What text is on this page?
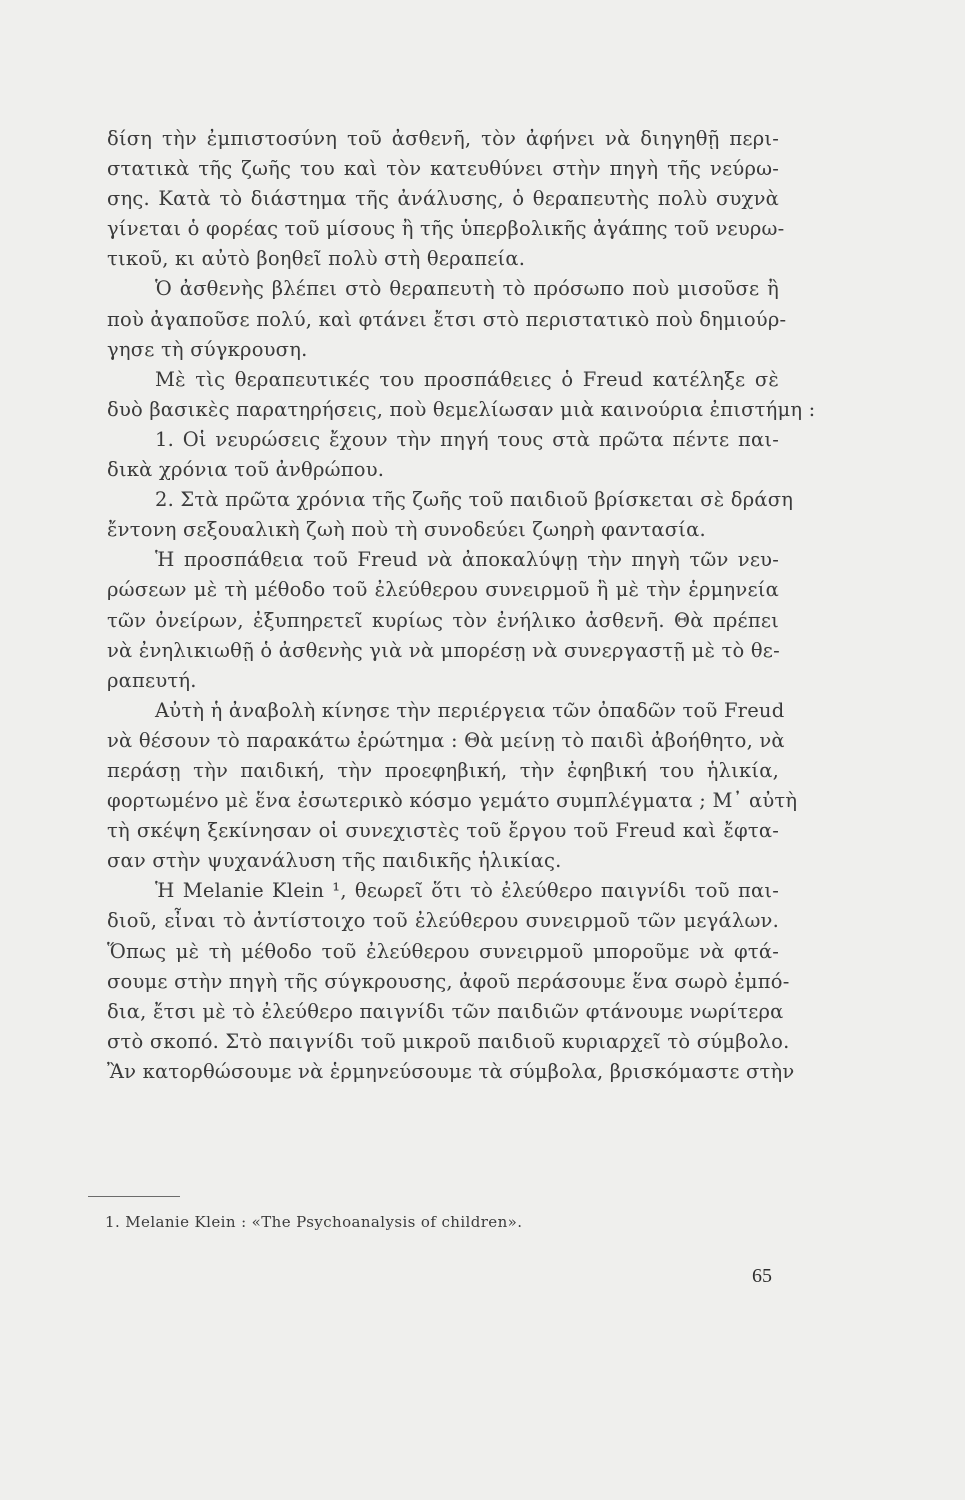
δίση τὴν ἐμπιστοσύνη τοῦ ἀσθενῆ, τὸν ἀφήνει νὰ διηγηθῇ περι-
στατικὰ τῆς ζωῆς του καὶ τὸν κατευθύνει στὴν πηγὴ τῆς νεύρω-
σης. Κατὰ τὸ διάστημα τῆς ἀνάλυσης, ὁ θεραπευτὴς πολὺ συχνὰ
γίνεται ὁ φορέας τοῦ μίσους ἢ τῆς ὑπερβολικῆς ἀγάπης τοῦ νευρω-
τικοῦ, κι αὐτὸ βοηθεῖ πολὺ στὴ θεραπεία.
Ὁ ἀσθενὴς βλέπει στὸ θεραπευτὴ τὸ πρόσωπο ποὺ μισοῦσε ἢ
ποὺ ἀγαποῦσε πολύ, καὶ φτάνει ἔτσι στὸ περιστατικὸ ποὺ δημιούρ-
γησε τὴ σύγκρουση.
Μὲ τὶς θεραπευτικές του προσπάθειες ὁ Freud κατέληξε σὲ
δυὸ βασικὲς παρατηρήσεις, ποὺ θεμελίωσαν μιὰ καινούρια ἐπιστήμη :
1. Οἱ νευρώσεις ἔχουν τὴν πηγή τους στὰ πρῶτα πέντε παι-
δικὰ χρόνια τοῦ ἀνθρώπου.
2. Στὰ πρῶτα χρόνια τῆς ζωῆς τοῦ παιδιοῦ βρίσκεται σὲ δράση
ἔντονη σεξουαλικὴ ζωὴ ποὺ τὴ συνοδεύει ζωηρὴ φαντασία.
Ἡ προσπάθεια τοῦ Freud νὰ ἀποκαλύψῃ τὴν πηγὴ τῶν νευ-
ρώσεων μὲ τὴ μέθοδο τοῦ ἐλεύθερου συνειρμοῦ ἢ μὲ τὴν ἑρμηνεία
τῶν ὀνείρων, ἐξυπηρετεῖ κυρίως τὸν ἐνήλικο ἀσθενῆ. Θὰ πρέπει
νὰ ἐνηλικιωθῇ ὁ ἀσθενὴς γιὰ νὰ μπορέσῃ νὰ συνεργαστῇ μὲ τὸ θε-
ραπευτή.
Αὐτὴ ἡ ἀναβολὴ κίνησε τὴν περιέργεια τῶν ὀπαδῶν τοῦ Freud
νὰ θέσουν τὸ παρακάτω ἐρώτημα : Θὰ μείνῃ τὸ παιδὶ ἀβοήθητο, νὰ
περάσῃ τὴν παιδική, τὴν προεφηβική, τὴν ἐφηβική του ἡλικία,
φορτωμένο μὲ ἕνα ἐσωτερικὸ κόσμο γεμάτο συμπλέγματα ; Μ᾽ αὐτὴ
τὴ σκέψη ξεκίνησαν οἱ συνεχιστὲς τοῦ ἔργου τοῦ Freud καὶ ἔφτα-
σαν στὴν ψυχανάλυση τῆς παιδικῆς ἡλικίας.
Ἡ Melanie Klein ¹, θεωρεῖ ὅτι τὸ ἐλεύθερο παιγνίδι τοῦ παι-
διοῦ, εἶναι τὸ ἀντίστοιχο τοῦ ἐλεύθερου συνειρμοῦ τῶν μεγάλων.
Ὅπως μὲ τὴ μέθοδο τοῦ ἐλεύθερου συνειρμοῦ μποροῦμε νὰ φτά-
σουμε στὴν πηγὴ τῆς σύγκρουσης, ἀφοῦ περάσουμε ἕνα σωρὸ ἐμπό-
δια, ἔτσι μὲ τὸ ἐλεύθερο παιγνίδι τῶν παιδιῶν φτάνουμε νωρίτερα
στὸ σκοπό. Στὸ παιγνίδι τοῦ μικροῦ παιδιοῦ κυριαρχεῖ τὸ σύμβολο.
Ἂν κατορθώσουμε νὰ ἑρμηνεύσουμε τὰ σύμβολα, βρισκόμαστε στὴν
1. Melanie Klein : «The Psychoanalysis of children».
65
